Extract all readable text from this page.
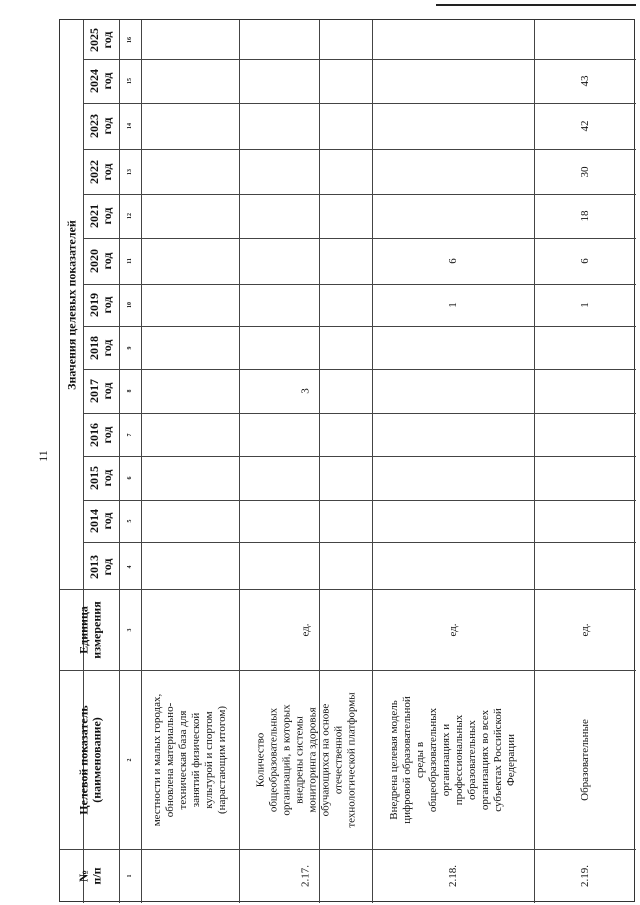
11
№
п/п
Целевой показатель
(наименование)
Единица
измерения
Значения целевых показателей
2013
год
2014
год
2015
год
2016
год
2017
год
2018
год
2019
год
2020
год
2021
год
2022
год
2023
год
2024
год
2025
год
1
2
3
4
5
6
7
8
9
10
11
12
13
14
15
16
местности и малых городах,
обновлена материально-
техническая база для
занятий физической
культурой и спортом
(нарастающим итогом)
2.17.
Количество
общеобразовательных
организаций, в которых
внедрены системы
мониторинга здоровья
обучающихся на основе
отечественной
технологической платформы
ед.
3
2.18.
Внедрена целевая модель
цифровой образовательной
среды в
общеобразовательных
организациях и
профессиональных
образовательных
организациях во всех
субъектах Российской
Федерации
ед.
1
6
2.19.
Образовательные
ед.
1
6
18
30
42
43
